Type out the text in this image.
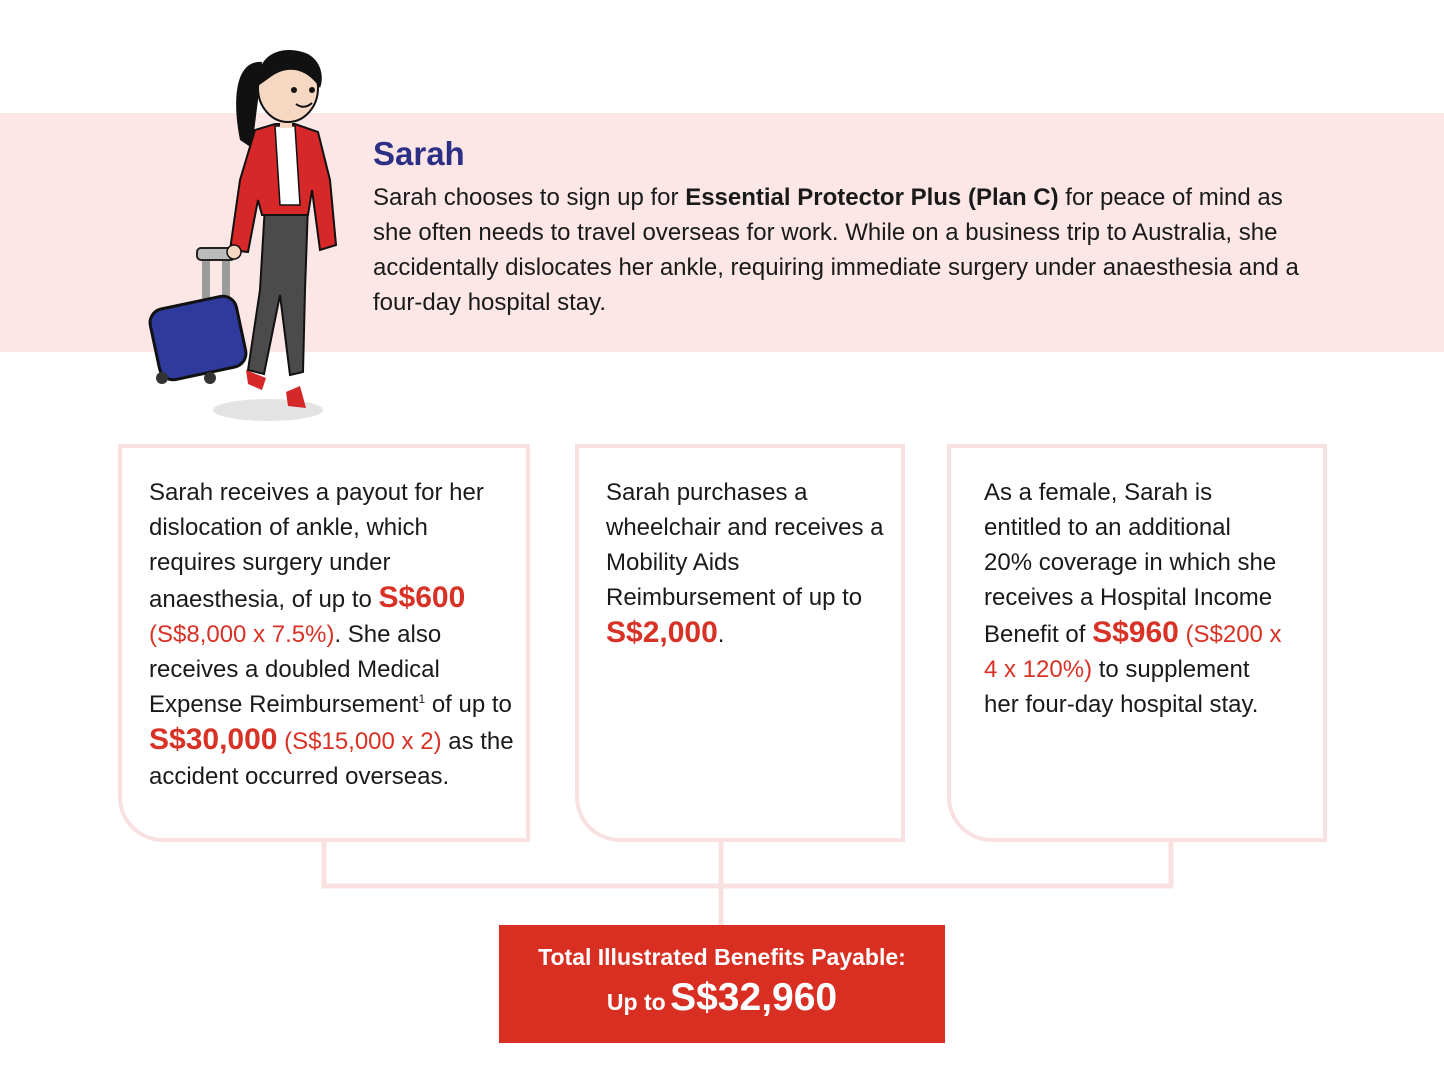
Sarah

Sarah chooses to sign up for Essential Protector Plus (Plan C) for peace of mind as she often needs to travel overseas for work. While on a business trip to Australia, she accidentally dislocates her ankle, requiring immediate surgery under anaesthesia and a four-day hospital stay.

Sarah receives a payout for her dislocation of ankle, which requires surgery under anaesthesia, of up to S$600 (S$8,000 x 7.5%). She also receives a doubled Medical Expense Reimbursement$^1$ of up to S$30,000 (S$15,000 x 2) as the accident occurred overseas.

Sarah purchases a wheelchair and receives a Mobility Aids Reimbursement of up to S$2,000.

As a female, Sarah is entitled to an additional 20% coverage in which she receives a Hospital Income Benefit of S$960 (S$200 x 4 x 120%) to supplement her four-day hospital stay.

Total Illustrated Benefits Payable:
Up to S$32,960
